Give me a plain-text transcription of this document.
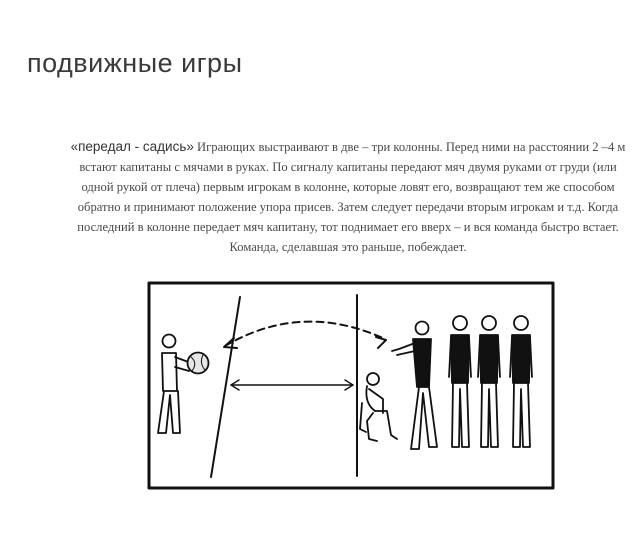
подвижные игры
«передал - садись» Играющих выстраивают в две – три колонны. Перед ними на расстоянии 2 –4 м встают капитаны с мячами в руках. По сигналу капитаны передают мяч двумя руками от груди (или одной рукой от плеча) первым игрокам в колонне, которые ловят его, возвращают тем же способом обратно и принимают положение упора присев. Затем следует передачи вторым игрокам и т.д. Когда последний в колонне передает мяч капитану, тот поднимает его вверх – и вся команда быстро встает. Команда, сделавшая это раньше, побеждает.
